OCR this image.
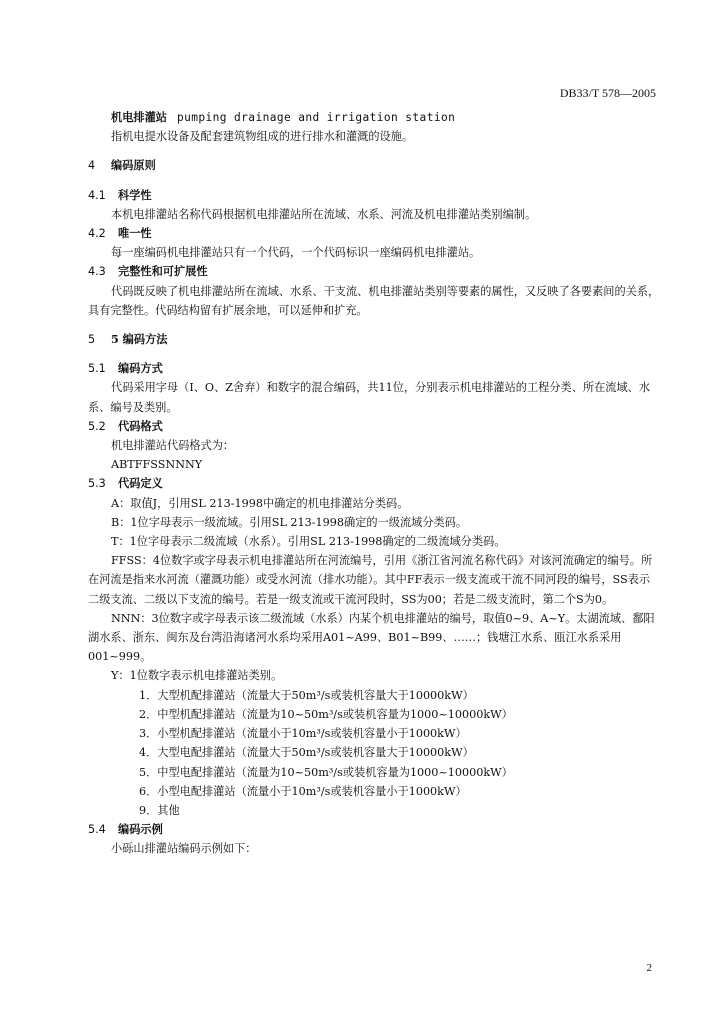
DB33/T 578—2005

机电排灌站 pumping drainage and irrigation station

指机电提水设备及配套建筑物组成的进行排水和灌溉的设施。

4 编码原则

4.1 科学性

本机电排灌站名称代码根据机电排灌站所在流域、水系、河流及机电排灌站类别编制。

4.2 唯一性

每一座编码机电排灌站只有一个代码，一个代码标识一座编码机电排灌站。

4.3 完整性和可扩展性

代码既反映了机电排灌站所在流域、水系、干支流、机电排灌站类别等要素的属性，又反映了各要素间的关系，具有完整性。代码结构留有扩展余地，可以延伸和扩充。

5 5 编码方法

5.1 编码方式

代码采用字母（I、O、Z舍弃）和数字的混合编码，共11位，分别表示机电排灌站的工程分类、所在流域、水系、编号及类别。

5.2 代码格式

机电排灌站代码格式为：

ABTFFSSNNNY

5.3 代码定义

A：取值J，引用SL 213-1998中确定的机电排灌站分类码。

B：1位字母表示一级流域。引用SL 213-1998确定的一级流域分类码。

T：1位字母表示二级流域（水系）。引用SL 213-1998确定的二级流域分类码。

FFSS：4位数字或字母表示机电排灌站所在河流编号，引用《浙江省河流名称代码》对该河流确定的编号。所在河流是指来水河流（灌溉功能）或受水河流（排水功能）。其中FF表示一级支流或干流不同河段的编号，SS表示二级支流、二级以下支流的编号。若是一级支流或干流河段时，SS为00；若是二级支流时，第二个S为0。

NNN：3位数字或字母表示该二级流域（水系）内某个机电排灌站的编号，取值0~9、A~Y。太湖流域、鄱阳湖水系、浙东、闽东及台湾沿海诸河水系均采用A01~A99、B01~B99、……；钱塘江水系、瓯江水系采用001~999。

Y：1位数字表示机电排灌站类别。

1．大型机配排灌站（流量大于50m³/s或装机容量大于10000kW）

2．中型机配排灌站（流量为10~50m³/s或装机容量为1000~10000kW）

3．小型机配排灌站（流量小于10m³/s或装机容量小于1000kW）

4．大型电配排灌站（流量大于50m³/s或装机容量大于10000kW）

5．中型电配排灌站（流量为10~50m³/s或装机容量为1000~10000kW）

6．小型电配排灌站（流量小于10m³/s或装机容量小于1000kW）

9．其他

5.4 编码示例

小砾山排灌站编码示例如下：

2
